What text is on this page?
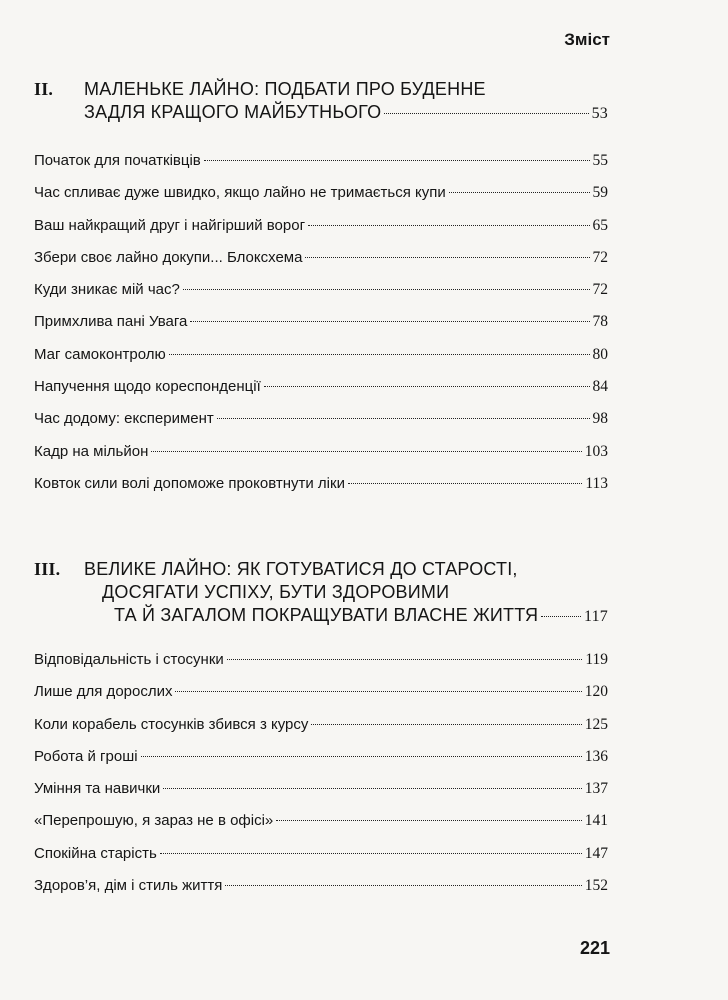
Зміст
II.	МАЛЕНЬКЕ ЛАЙНО: ПОДБАТИ ПРО БУДЕННЕ
ЗАДЛЯ КРАЩОГО МАЙБУТНЬОГО	53
Початок для початківців	55
Час спливає дуже швидко, якщо лайно не тримається купи	59
Ваш найкращий друг і найгірший ворог	65
Збери своє лайно докупи... Блоксхема	72
Куди зникає мій час?	72
Примхлива пані Увага	78
Маг самоконтролю	80
Напучення щодо кореспонденції	84
Час додому: експеримент	98
Кадр на мільйон	103
Ковток сили волі допоможе проковтнути ліки	113
III.	ВЕЛИКЕ ЛАЙНО: ЯК ГОТУВАТИСЯ ДО СТАРОСТІ,
ДОСЯГАТИ УСПІХУ, БУТИ ЗДОРОВИМИ
ТА Й ЗАГАЛОМ ПОКРАЩУВАТИ ВЛАСНЕ ЖИТТЯ	117
Відповідальність і стосунки	119
Лише для дорослих	120
Коли корабель стосунків збився з курсу	125
Робота й гроші	136
Уміння та навички	137
«Перепрошую, я зараз не в офісі»	141
Спокійна старість	147
Здоров’я, дім і стиль життя	152
221
